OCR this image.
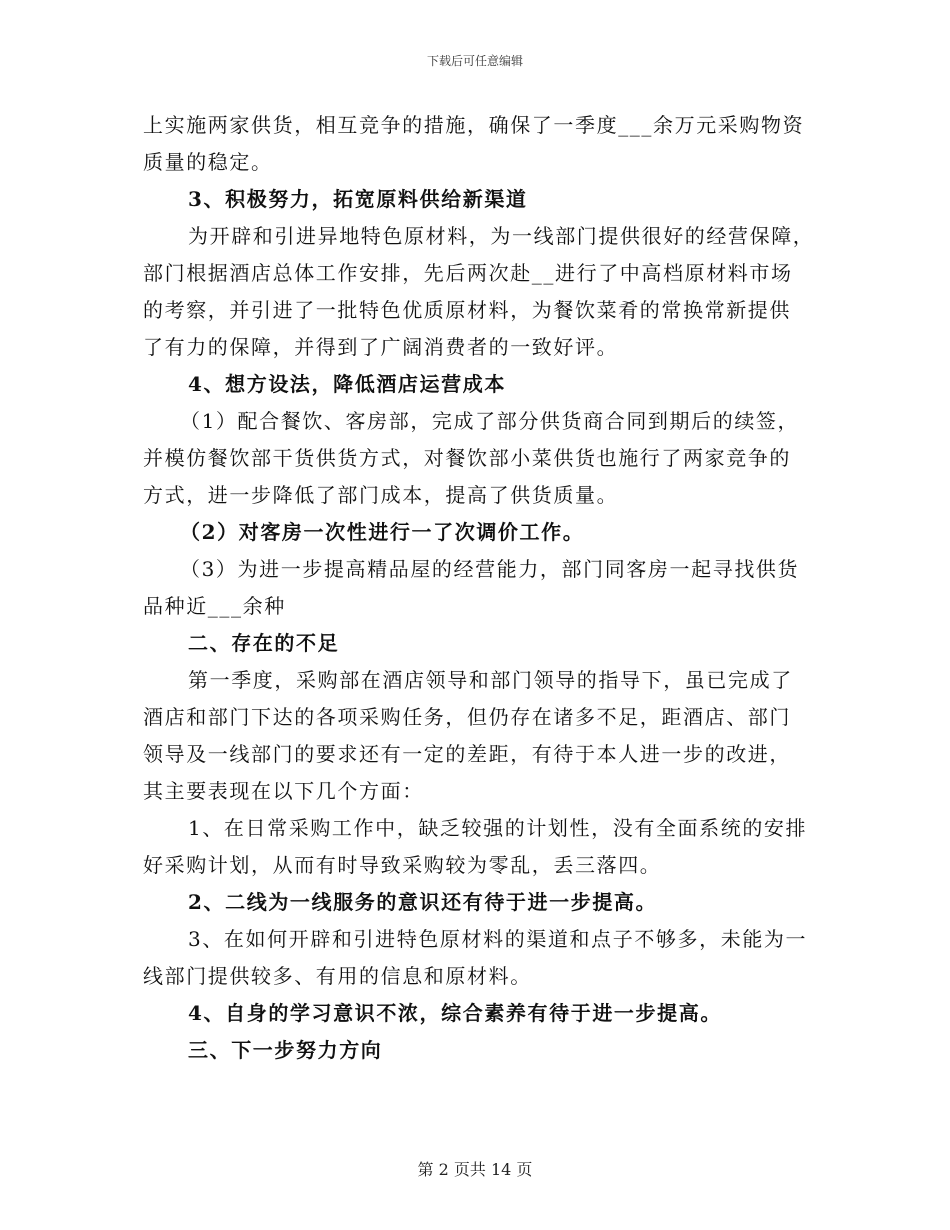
下载后可任意编辑

上实施两家供货，相互竞争的措施，确保了一季度___余万元采购物资

质量的稳定。

3、积极努力，拓宽原料供给新渠道

为开辟和引进异地特色原材料，为一线部门提供很好的经营保障，

部门根据酒店总体工作安排，先后两次赴__进行了中高档原材料市场

的考察，并引进了一批特色优质原材料，为餐饮菜肴的常换常新提供

了有力的保障，并得到了广阔消费者的一致好评。

4、想方设法，降低酒店运营成本

（1）配合餐饮、客房部，完成了部分供货商合同到期后的续签，

并模仿餐饮部干货供货方式，对餐饮部小菜供货也施行了两家竞争的

方式，进一步降低了部门成本，提高了供货质量。

（2）对客房一次性进行一了次调价工作。

（3）为进一步提高精品屋的经营能力，部门同客房一起寻找供货

品种近___余种

二、存在的不足

第一季度，采购部在酒店领导和部门领导的指导下，虽已完成了

酒店和部门下达的各项采购任务，但仍存在诸多不足，距酒店、部门

领导及一线部门的要求还有一定的差距，有待于本人进一步的改进，

其主要表现在以下几个方面：

1、在日常采购工作中，缺乏较强的计划性，没有全面系统的安排

好采购计划，从而有时导致采购较为零乱，丢三落四。

2、二线为一线服务的意识还有待于进一步提高。

3、在如何开辟和引进特色原材料的渠道和点子不够多，未能为一

线部门提供较多、有用的信息和原材料。

4、自身的学习意识不浓，综合素养有待于进一步提高。

三、下一步努力方向

第 2 页共 14 页
